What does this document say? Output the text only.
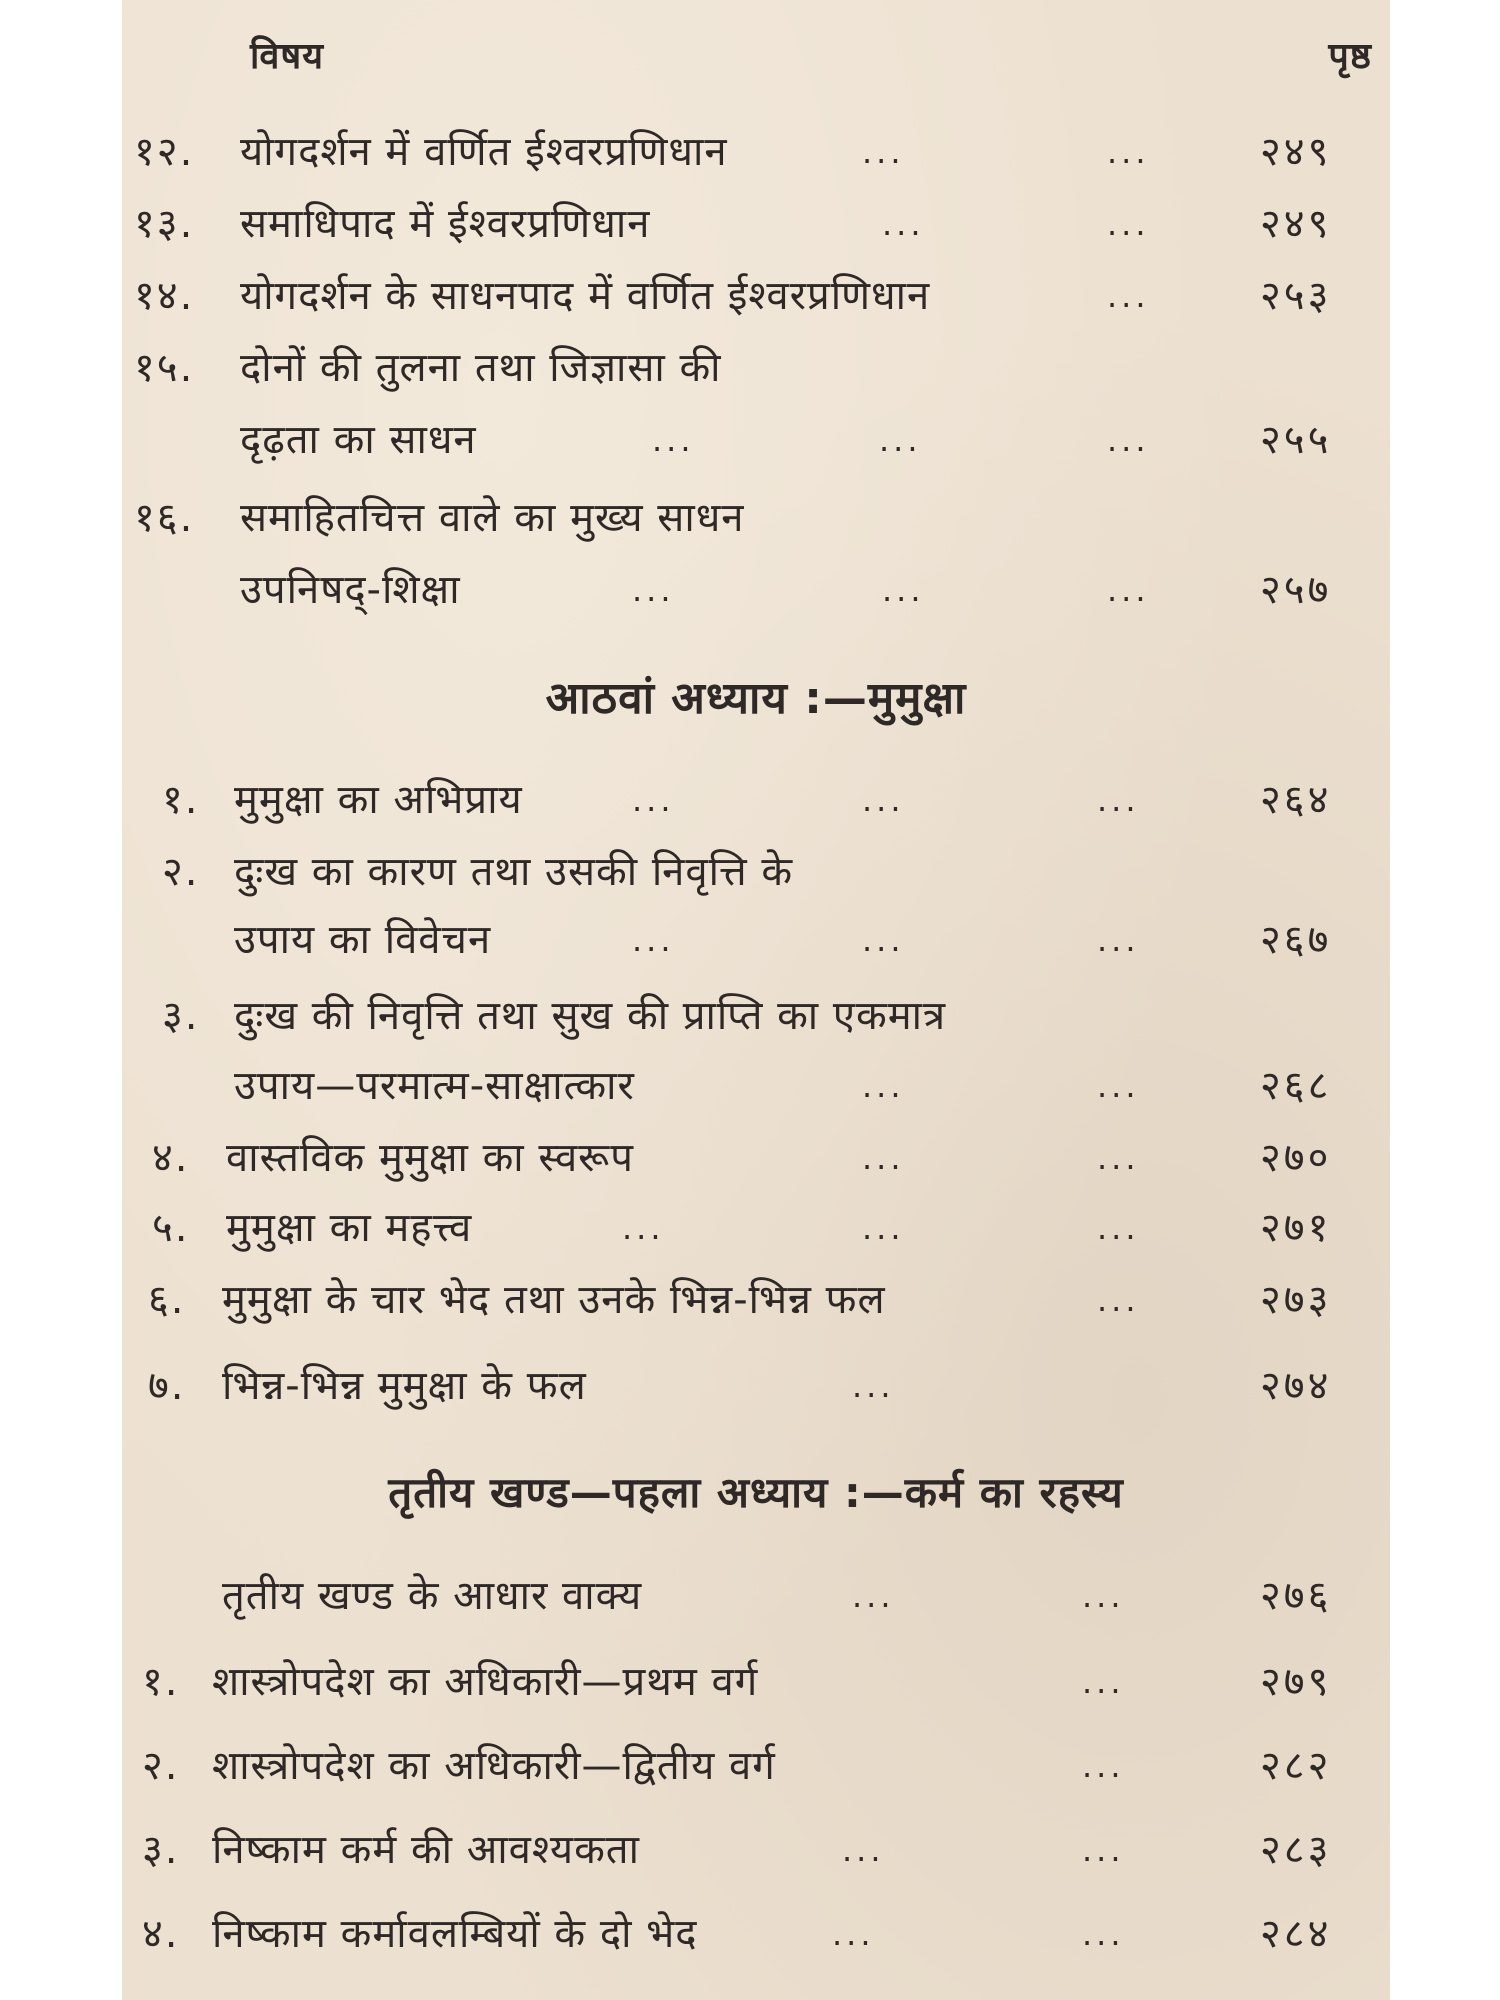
विषय	पृष्ठ
१२. योगदर्शन में वर्णित ईश्वरप्रणिधान	...	...	२४९
१३. समाधिपाद में ईश्वरप्रणिधान	...	...	२४९
१४. योगदर्शन के साधनपाद में वर्णित ईश्वरप्रणिधान	...	२५३
१५. दोनों की तुलना तथा जिज्ञासा की
दृढ़ता का साधन	...	...	...	२५५
१६. समाहितचित्त वाले का मुख्य साधन
उपनिषद्-शिक्षा	...	...	...	२५७
आठवां अध्याय :—मुमुक्षा
१. मुमुक्षा का अभिप्राय	...	...	...	२६४
२. दुःख का कारण तथा उसकी निवृत्ति के
उपाय का विवेचन	...	...	...	२६७
३. दुःख की निवृत्ति तथा सुख की प्राप्ति का एकमात्र
उपाय—परमात्म-साक्षात्कार	...	...	२६८
४. वास्तविक मुमुक्षा का स्वरूप	...	...	२७०
५. मुमुक्षा का महत्त्व	...	...	...	२७१
६. मुमुक्षा के चार भेद तथा उनके भिन्न-भिन्न फल	...	२७३
७. भिन्न-भिन्न मुमुक्षा के फल	...	२७४
तृतीय खण्ड—पहला अध्याय :—कर्म का रहस्य
तृतीय खण्ड के आधार वाक्य	...	...	२७६
१. शास्त्रोपदेश का अधिकारी—प्रथम वर्ग	...	२७९
२. शास्त्रोपदेश का अधिकारी—द्वितीय वर्ग	...	२८२
३. निष्काम कर्म की आवश्यकता	...	...	२८३
४. निष्काम कर्मावलम्बियों के दो भेद	...	...	२८४
